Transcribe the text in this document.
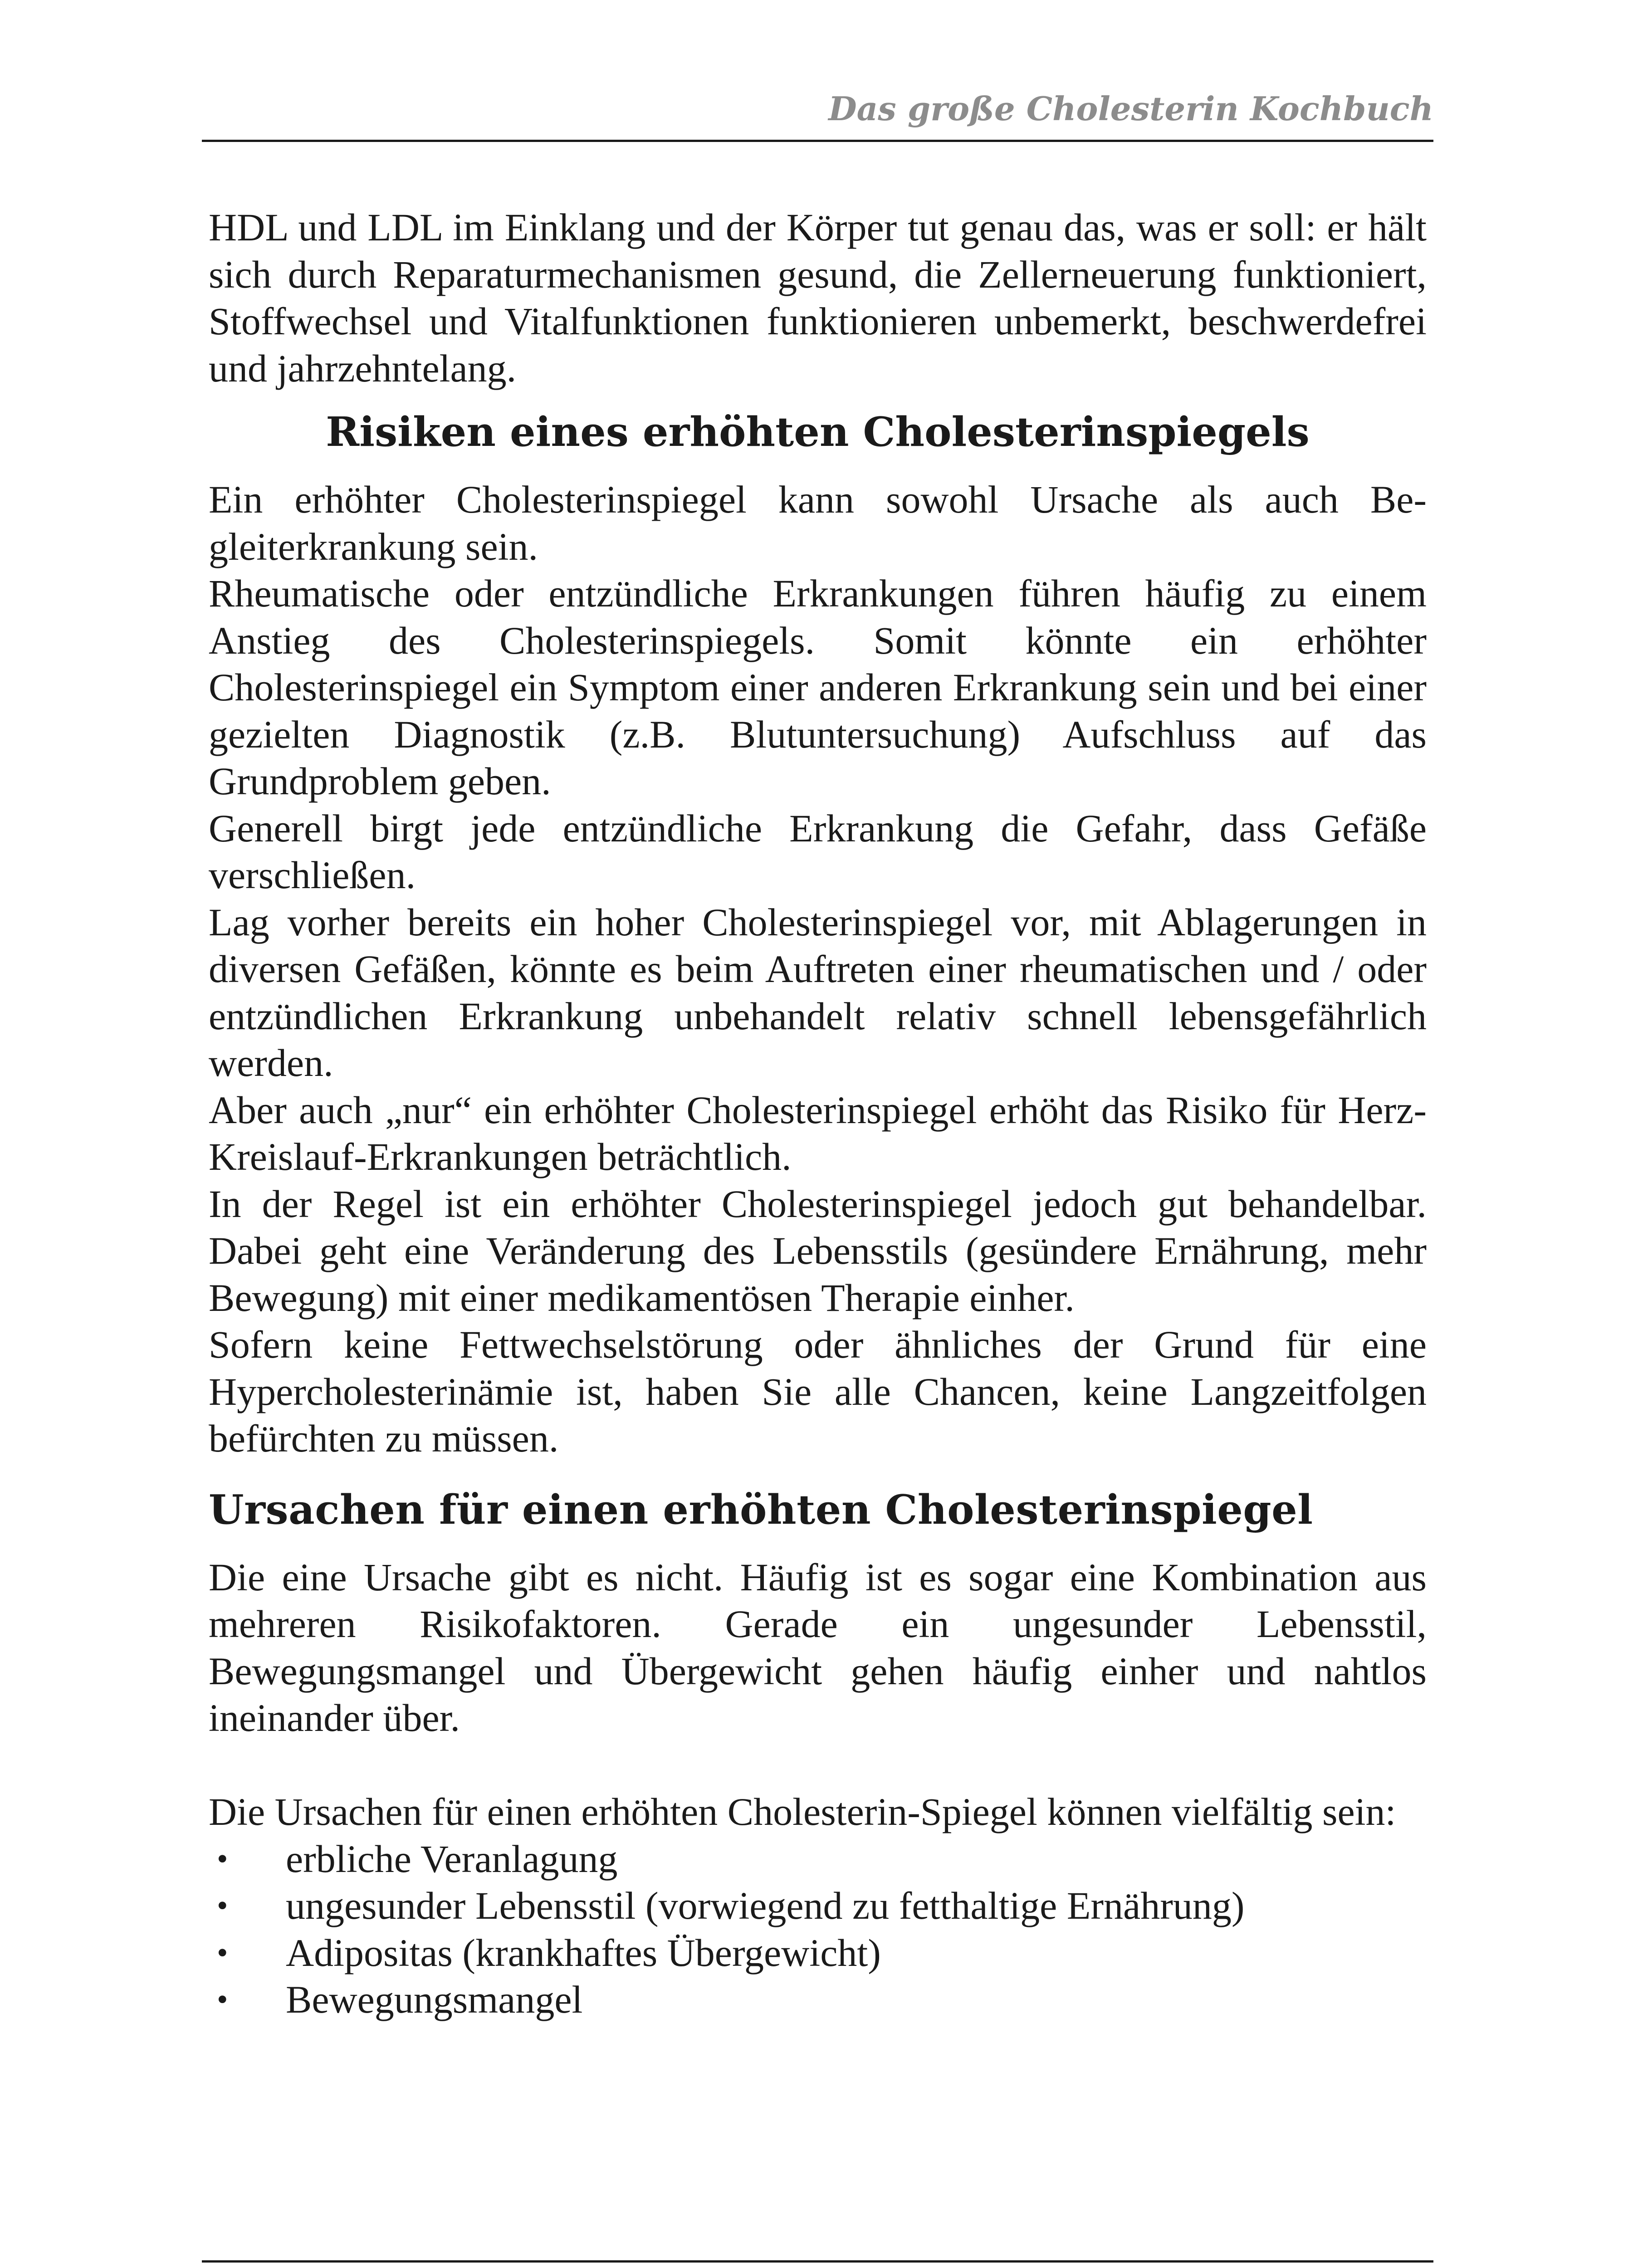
Das große Cholesterin Kochbuch

HDL und LDL im Einklang und der Körper tut genau das, was er soll: er hält sich durch Reparaturmechanismen gesund, die Zellerneuerung funktioniert, Stoffwechsel und Vitalfunktionen funktionieren unbemerkt, beschwerdefrei und jahrzehntelang.

Risiken eines erhöhten Cholesterinspiegels

Ein erhöhter Cholesterinspiegel kann sowohl Ursache als auch Begleiterkrankung sein.

Rheumatische oder entzündliche Erkrankungen führen häufig zu einem Anstieg des Cholesterinspiegels. Somit könnte ein erhöhter Cholesterinspiegel ein Symptom einer anderen Erkrankung sein und bei einer gezielten Diagnostik (z.B. Blutuntersuchung) Aufschluss auf das Grundproblem geben.

Generell birgt jede entzündliche Erkrankung die Gefahr, dass Gefäße verschließen.

Lag vorher bereits ein hoher Cholesterinspiegel vor, mit Ablagerungen in diversen Gefäßen, könnte es beim Auftreten einer rheumatischen und / oder entzündlichen Erkrankung unbehandelt relativ schnell lebensgefährlich werden.

Aber auch „nur“ ein erhöhter Cholesterinspiegel erhöht das Risiko für Herz-Kreislauf-Erkrankungen beträchtlich.

In der Regel ist ein erhöhter Cholesterinspiegel jedoch gut behandelbar. Dabei geht eine Veränderung des Lebensstils (gesündere Ernährung, mehr Bewegung) mit einer medikamentösen Therapie einher.

Sofern keine Fettwechselstörung oder ähnliches der Grund für eine Hypercholesterinämie ist, haben Sie alle Chancen, keine Langzeitfolgen befürchten zu müssen.

Ursachen für einen erhöhten Cholesterinspiegel

Die eine Ursache gibt es nicht. Häufig ist es sogar eine Kombination aus mehreren Risikofaktoren. Gerade ein ungesunder Lebensstil, Bewegungsmangel und Übergewicht gehen häufig einher und nahtlos ineinander über.

Die Ursachen für einen erhöhten Cholesterin-Spiegel können vielfältig sein:

• erbliche Veranlagung
• ungesunder Lebensstil (vorwiegend zu fetthaltige Ernährung)
• Adipositas (krankhaftes Übergewicht)
• Bewegungsmangel
